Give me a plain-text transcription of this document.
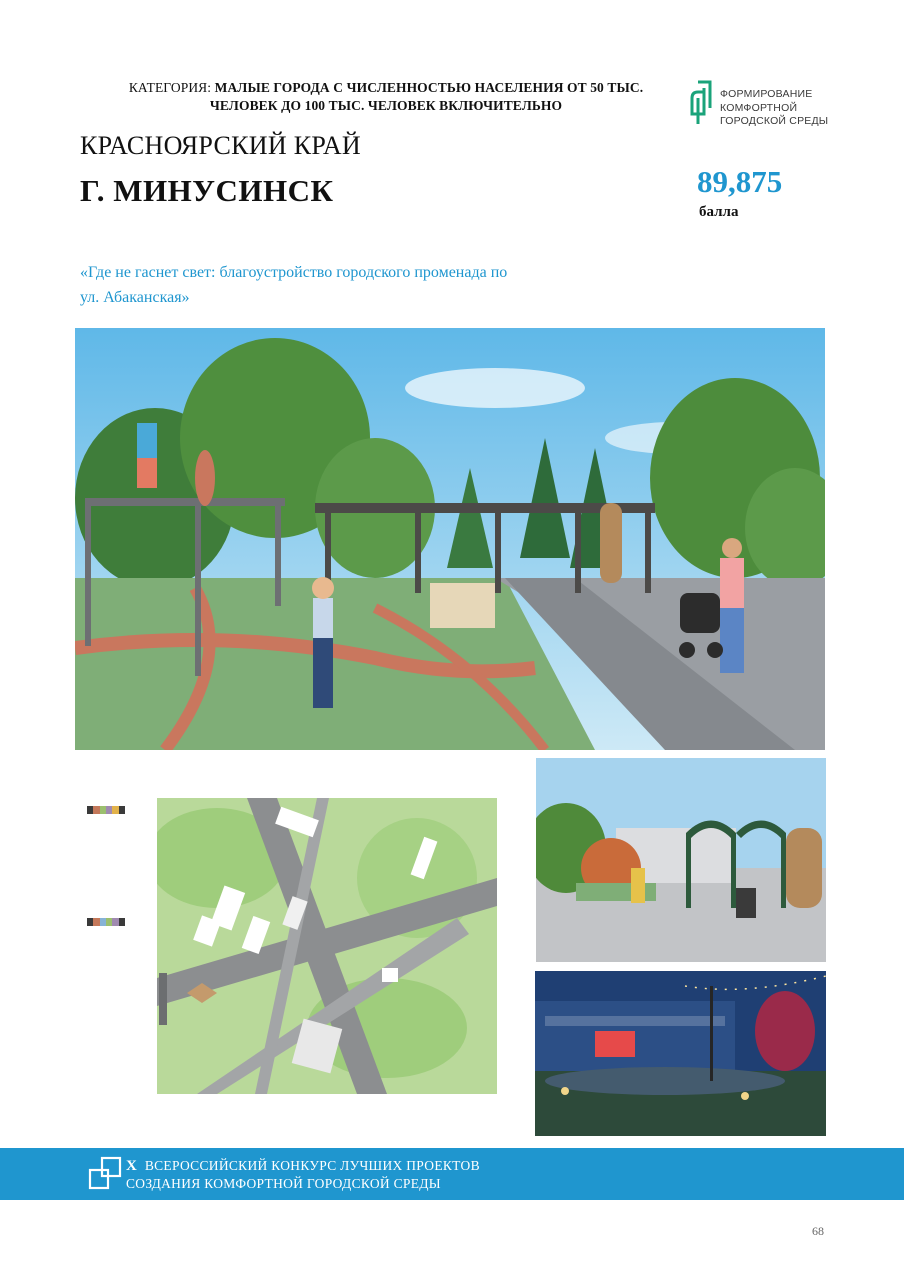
КАТЕГОРИЯ: МАЛЫЕ ГОРОДА С ЧИСЛЕННОСТЬЮ НАСЕЛЕНИЯ ОТ 50 ТЫС.
ЧЕЛОВЕК ДО 100 ТЫС. ЧЕЛОВЕК ВКЛЮЧИТЕЛЬНО
ФОРМИРОВАНИЕ
КОМФОРТНОЙ
ГОРОДСКОЙ СРЕДЫ
КРАСНОЯРСКИЙ КРАЙ
Г. МИНУСИНСК	89,875
балла
«Где не гаснет свет: благоустройство городского променада по
ул. Абаканская»
X ВСЕРОССИЙСКИЙ КОНКУРС ЛУЧШИХ ПРОЕКТОВ
СОЗДАНИЯ КОМФОРТНОЙ ГОРОДСКОЙ СРЕДЫ
68
